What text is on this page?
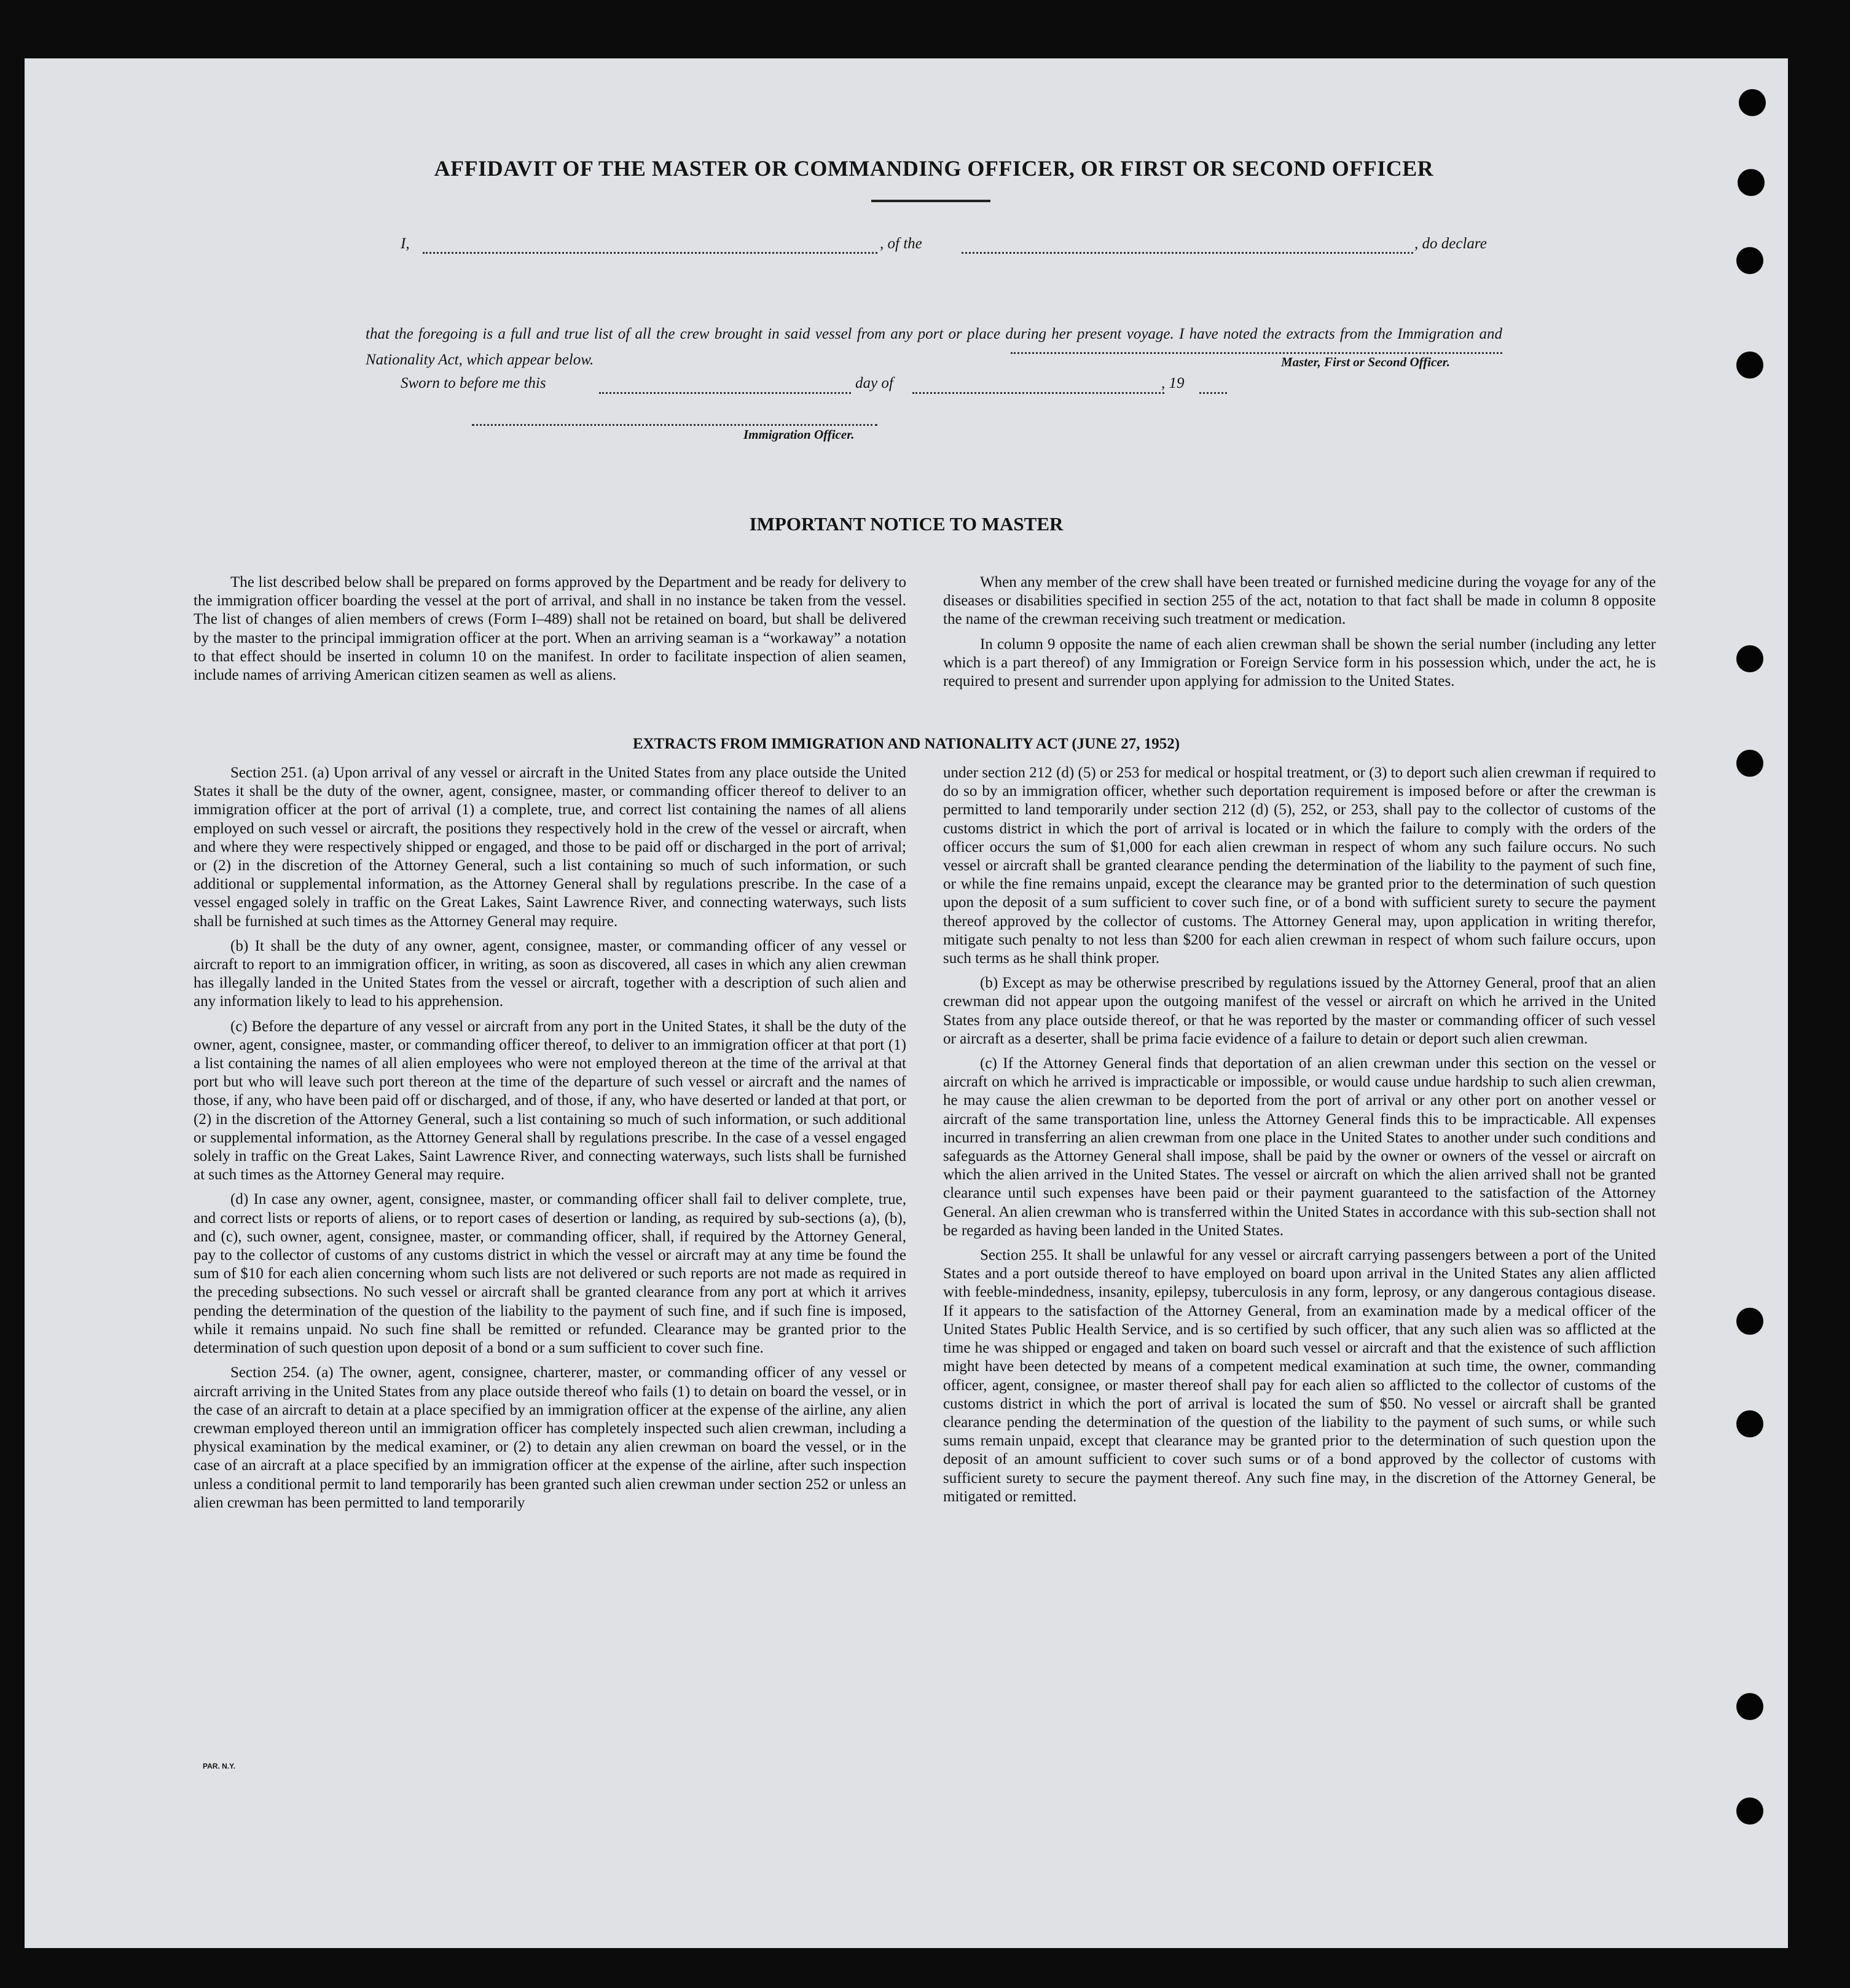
AFFIDAVIT OF THE MASTER OR COMMANDING OFFICER, OR FIRST OR SECOND OFFICER
I,	, of the	, do declare
that the foregoing is a full and true list of all the crew brought in said vessel from any port or place during her present voyage. I have noted the extracts from the Immigration and Nationality Act, which appear below.	Master, First or Second Officer.
Sworn to before me this	day of	, 19
Immigration Officer.
IMPORTANT NOTICE TO MASTER

The list described below shall be prepared on forms approved by the Department and be ready for delivery to the immigration officer boarding the vessel at the port of arrival, and shall in no instance be taken from the vessel. The list of changes of alien members of crews (Form I–489) shall not be retained on board, but shall be delivered by the master to the principal immigration officer at the port. When an arriving seaman is a “workaway” a notation to that effect should be inserted in column 10 on the manifest. In order to facilitate inspection of alien seamen, include names of arriving American citizen seamen as well as aliens.

When any member of the crew shall have been treated or furnished medicine during the voyage for any of the diseases or disabilities specified in section 255 of the act, notation to that fact shall be made in column 8 opposite the name of the crewman receiving such treatment or medication.

In column 9 opposite the name of each alien crewman shall be shown the serial number (including any letter which is a part thereof) of any Immigration or Foreign Service form in his possession which, under the act, he is required to present and surrender upon applying for admission to the United States.

EXTRACTS FROM IMMIGRATION AND NATIONALITY ACT (JUNE 27, 1952)

Section 251. (a) Upon arrival of any vessel or aircraft in the United States from any place outside the United States it shall be the duty of the owner, agent, consignee, master, or commanding officer thereof to deliver to an immigration officer at the port of arrival (1) a complete, true, and correct list containing the names of all aliens employed on such vessel or aircraft, the positions they respectively hold in the crew of the vessel or aircraft, when and where they were respectively shipped or engaged, and those to be paid off or discharged in the port of arrival; or (2) in the discretion of the Attorney General, such a list containing so much of such information, or such additional or supplemental information, as the Attorney General shall by regulations prescribe. In the case of a vessel engaged solely in traffic on the Great Lakes, Saint Lawrence River, and connecting waterways, such lists shall be furnished at such times as the Attorney General may require.

(b) It shall be the duty of any owner, agent, consignee, master, or commanding officer of any vessel or aircraft to report to an immigration officer, in writing, as soon as discovered, all cases in which any alien crewman has illegally landed in the United States from the vessel or aircraft, together with a description of such alien and any information likely to lead to his apprehension.

(c) Before the departure of any vessel or aircraft from any port in the United States, it shall be the duty of the owner, agent, consignee, master, or commanding officer thereof, to deliver to an immigration officer at that port (1) a list containing the names of all alien employees who were not employed thereon at the time of the arrival at that port but who will leave such port thereon at the time of the departure of such vessel or aircraft and the names of those, if any, who have been paid off or discharged, and of those, if any, who have deserted or landed at that port, or (2) in the discretion of the Attorney General, such a list containing so much of such information, or such additional or supplemental information, as the Attorney General shall by regulations prescribe. In the case of a vessel engaged solely in traffic on the Great Lakes, Saint Lawrence River, and connecting waterways, such lists shall be furnished at such times as the Attorney General may require.

(d) In case any owner, agent, consignee, master, or commanding officer shall fail to deliver complete, true, and correct lists or reports of aliens, or to report cases of desertion or landing, as required by sub-sections (a), (b), and (c), such owner, agent, consignee, master, or commanding officer, shall, if required by the Attorney General, pay to the collector of customs of any customs district in which the vessel or aircraft may at any time be found the sum of $10 for each alien concerning whom such lists are not delivered or such reports are not made as required in the preceding subsections. No such vessel or aircraft shall be granted clearance from any port at which it arrives pending the determination of the question of the liability to the payment of such fine, and if such fine is imposed, while it remains unpaid. No such fine shall be remitted or refunded. Clearance may be granted prior to the determination of such question upon deposit of a bond or a sum sufficient to cover such fine.

Section 254. (a) The owner, agent, consignee, charterer, master, or commanding officer of any vessel or aircraft arriving in the United States from any place outside thereof who fails (1) to detain on board the vessel, or in the case of an aircraft to detain at a place specified by an immigration officer at the expense of the airline, any alien crewman employed thereon until an immigration officer has completely inspected such alien crewman, including a physical examination by the medical examiner, or (2) to detain any alien crewman on board the vessel, or in the case of an aircraft at a place specified by an immigration officer at the expense of the airline, after such inspection unless a conditional permit to land temporarily has been granted such alien crewman under section 252 or unless an alien crewman has been permitted to land temporarily

under section 212 (d) (5) or 253 for medical or hospital treatment, or (3) to deport such alien crewman if required to do so by an immigration officer, whether such deportation requirement is imposed before or after the crewman is permitted to land temporarily under section 212 (d) (5), 252, or 253, shall pay to the collector of customs of the customs district in which the port of arrival is located or in which the failure to comply with the orders of the officer occurs the sum of $1,000 for each alien crewman in respect of whom any such failure occurs. No such vessel or aircraft shall be granted clearance pending the determination of the liability to the payment of such fine, or while the fine remains unpaid, except the clearance may be granted prior to the determination of such question upon the deposit of a sum sufficient to cover such fine, or of a bond with sufficient surety to secure the payment thereof approved by the collector of customs. The Attorney General may, upon application in writing therefor, mitigate such penalty to not less than $200 for each alien crewman in respect of whom such failure occurs, upon such terms as he shall think proper.

(b) Except as may be otherwise prescribed by regulations issued by the Attorney General, proof that an alien crewman did not appear upon the outgoing manifest of the vessel or aircraft on which he arrived in the United States from any place outside thereof, or that he was reported by the master or commanding officer of such vessel or aircraft as a deserter, shall be prima facie evidence of a failure to detain or deport such alien crewman.

(c) If the Attorney General finds that deportation of an alien crewman under this section on the vessel or aircraft on which he arrived is impracticable or impossible, or would cause undue hardship to such alien crewman, he may cause the alien crewman to be deported from the port of arrival or any other port on another vessel or aircraft of the same transportation line, unless the Attorney General finds this to be impracticable. All expenses incurred in transferring an alien crewman from one place in the United States to another under such conditions and safeguards as the Attorney General shall impose, shall be paid by the owner or owners of the vessel or aircraft on which the alien arrived in the United States. The vessel or aircraft on which the alien arrived shall not be granted clearance until such expenses have been paid or their payment guaranteed to the satisfaction of the Attorney General. An alien crewman who is transferred within the United States in accordance with this sub-section shall not be regarded as having been landed in the United States.

Section 255. It shall be unlawful for any vessel or aircraft carrying passengers between a port of the United States and a port outside thereof to have employed on board upon arrival in the United States any alien afflicted with feeble-mindedness, insanity, epilepsy, tuberculosis in any form, leprosy, or any dangerous contagious disease. If it appears to the satisfaction of the Attorney General, from an examination made by a medical officer of the United States Public Health Service, and is so certified by such officer, that any such alien was so afflicted at the time he was shipped or engaged and taken on board such vessel or aircraft and that the existence of such affliction might have been detected by means of a competent medical examination at such time, the owner, commanding officer, agent, consignee, or master thereof shall pay for each alien so afflicted to the collector of customs of the customs district in which the port of arrival is located the sum of $50. No vessel or aircraft shall be granted clearance pending the determination of the question of the liability to the payment of such sums, or while such sums remain unpaid, except that clearance may be granted prior to the determination of such question upon the deposit of an amount sufficient to cover such sums or of a bond approved by the collector of customs with sufficient surety to secure the payment thereof. Any such fine may, in the discretion of the Attorney General, be mitigated or remitted.

PAR. N.Y.
